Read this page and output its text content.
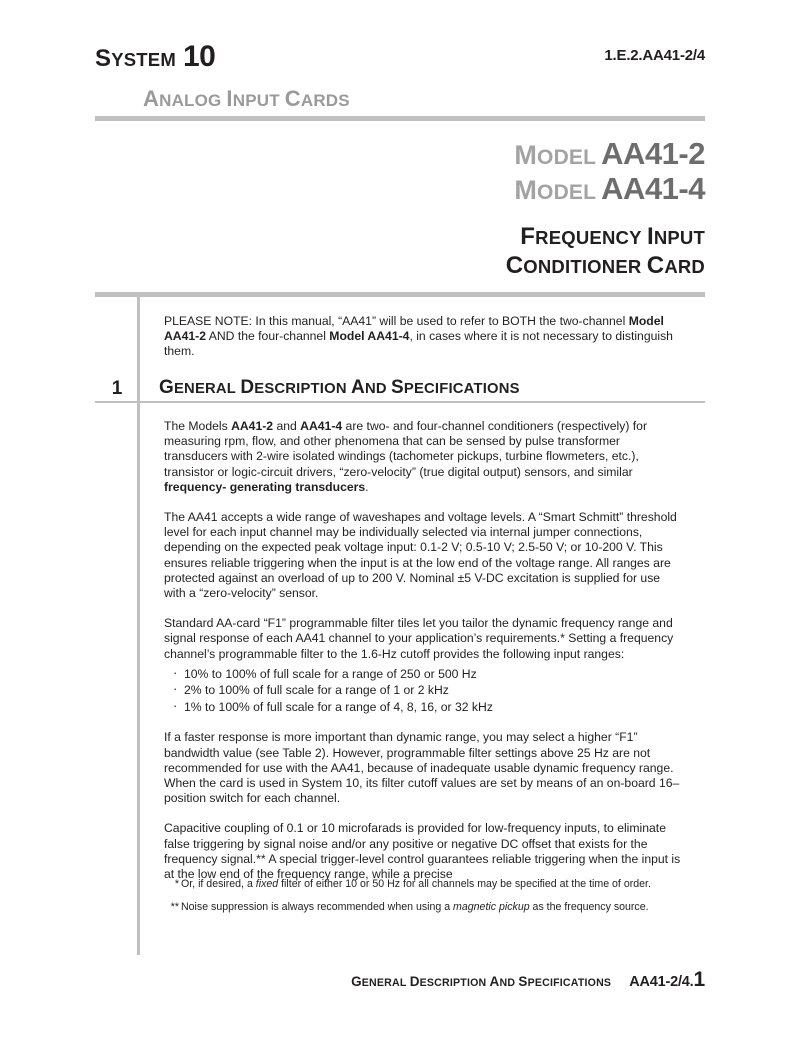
SYSTEM 10	1.E.2.AA41-2/4
ANALOG INPUT CARDS
MODEL AA41-2
MODEL AA41-4
FREQUENCY INPUT
CONDITIONER CARD
PLEASE NOTE: In this manual, “AA41” will be used to refer to BOTH the two-channel Model AA41-2 AND the four-channel Model AA41-4, in cases where it is not necessary to distinguish them.
1	GENERAL DESCRIPTION AND SPECIFICATIONS

The Models AA41-2 and AA41-4 are two- and four-channel conditioners (respectively) for measuring rpm, flow, and other phenomena that can be sensed by pulse transformer transducers with 2-wire isolated windings (tachometer pickups, turbine flowmeters, etc.), transistor or logic-circuit drivers, “zero-velocity” (true digital output) sensors, and similar frequency- generating transducers.

The AA41 accepts a wide range of waveshapes and voltage levels. A “Smart Schmitt” threshold level for each input channel may be individually selected via internal jumper connections, depending on the expected peak voltage input: 0.1-2 V; 0.5-10 V; 2.5-50 V; or 10-200 V. This ensures reliable triggering when the input is at the low end of the voltage range. All ranges are protected against an overload of up to 200 V. Nominal ±5 V-DC excitation is supplied for use with a “zero-velocity” sensor.

Standard AA-card “F1” programmable filter tiles let you tailor the dynamic frequency range and signal response of each AA41 channel to your application’s requirements.* Setting a frequency channel’s programmable filter to the 1.6-Hz cutoff provides the following input ranges:

· 10% to 100% of full scale for a range of 250 or 500 Hz
· 2% to 100% of full scale for a range of 1 or 2 kHz
· 1% to 100% of full scale for a range of 4, 8, 16, or 32 kHz

If a faster response is more important than dynamic range, you may select a higher “F1” bandwidth value (see Table 2). However, programmable filter settings above 25 Hz are not recommended for use with the AA41, because of inadequate usable dynamic frequency range. When the card is used in System 10, its filter cutoff values are set by means of an on-board 16–position switch for each channel.

Capacitive coupling of 0.1 or 10 microfarads is provided for low-frequency inputs, to eliminate false triggering by signal noise and/or any positive or negative DC offset that exists for the frequency signal.** A special trigger-level control guarantees reliable triggering when the input is at the low end of the frequency range, while a precise

* Or, if desired, a fixed filter of either 10 or 50 Hz for all channels may be specified at the time of order.
** Noise suppression is always recommended when using a magnetic pickup as the frequency source.
GENERAL DESCRIPTION AND SPECIFICATIONS AA41-2/4.1
